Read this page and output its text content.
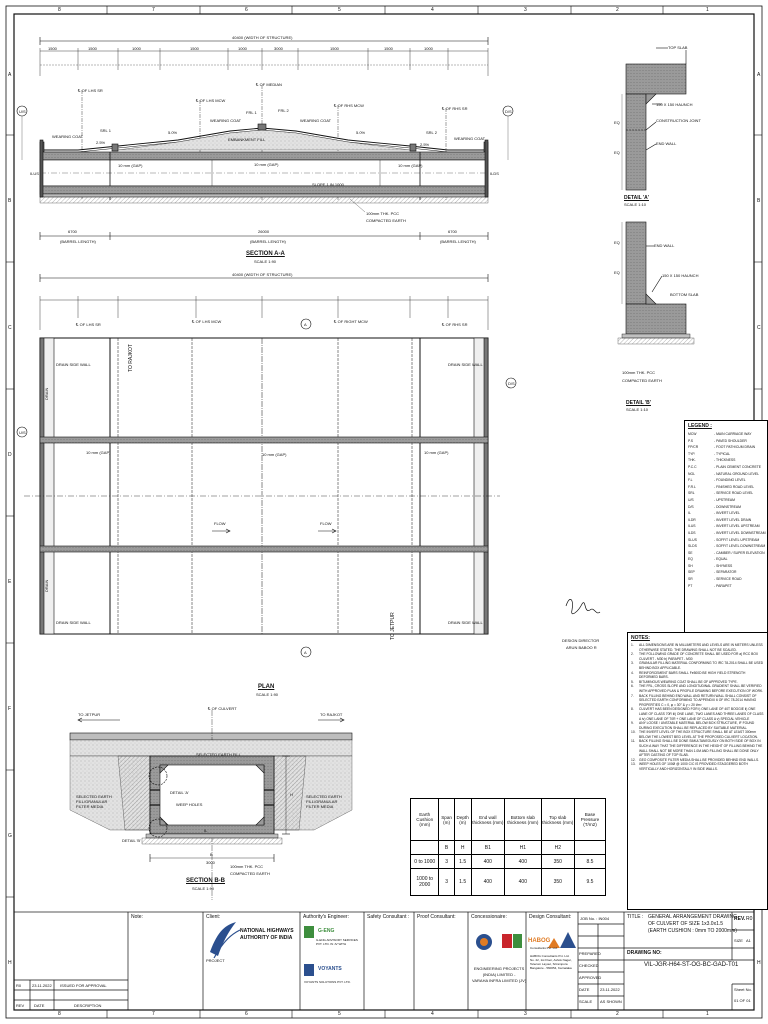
8	7	6	5	4	3	2	1
8	7	6	5	4	3	2	1
A
B
C
D
E
F
G
H
A
B
C
H
40400 (WIDTH OF STRUCTURE)
1500	1500	1000	1500	1000	3000	1500	1500	1000
℄ OF LHS SR
℄ OF MEDIAN
℄ OF LHS MCW
℄ OF RHS MCW
℄ OF RHS SR
FRL 1	FRL 2
WEARING COAT
WEARING COAT	WEARING COAT
WEARING COAT
SRL 1	SRL 2
2.5%	2.5%
5.0%	5.0%
EMBANKMENT FILL
10 mm (GAP)	10 mm (GAP)	10 mm (GAP)
SLOPE 1 IN 1000
100mm THK. PCC
COMPACTED EARTH
U/S	D/S
ILUS	ILDS
6700	26000	6700
(BARREL LENGTH)	(BARREL LENGTH)	(BARREL LENGTH)
SECTION A-A
SCALE 1:90
40400 (WIDTH OF STRUCTURE)
℄ OF LHS SR
℄ OF LHS MCW	℄ OF RIGHT MCW
℄ OF RHS SR
DRAIN SIDE WALL	DRAIN SIDE WALL
DRAIN SIDE WALL	DRAIN SIDE WALL
TO RAJKOT
TO JETPUR
10 mm (GAP)	10 mm (GAP)	10 mm (GAP)
FLOW	FLOW
U/S
D/S
A
A
DRAIN
DRAIN
PLAN
SCALE 1:90
TO JETPUR	TO RAJKOT
℄ OF CULVERT
SELECTED EARTH FILL
SELECTED EARTH
FILL/GRANULAR
FILTER MEDIA
SELECTED EARTH
FILL/GRANULAR
FILTER MEDIA
DETAIL 'A'
DETAIL 'B'
WEEP HOLES
100mm THK. PCC
COMPACTED EARTH
IL
B
H
3000
SECTION B-B
SCALE 1:90
TOP SLAB
150 X 150 HAUNCH
CONSTRUCTION JOINT
END WALL
EQ
EQ
DETAIL 'A'
SCALE 1:10
END WALL
150 X 150 HAUNCH
BOTTOM SLAB
100mm THK. PCC
COMPACTED EARTH
EQ
EQ
DETAIL 'B'
SCALE 1:10
DESIGN DIRECTOR
ARUN BABOO R
LEGEND :
MCW	- MAIN CARRIAGE WAY
P.S	- PAVED SHOULDER
FP/CR	- FOOT PATH/CUM DRAIN
TYP.	- TYPICAL
THK.	- THICKNESS
P.C.C	- PLAIN CEMENT CONCRETE
NGL	- NATURAL GROUND LEVEL
F.L	- FOUNDING LEVEL
F.R.L	- FINISHED ROAD LEVEL
SRL	- SERVICE ROAD LEVEL
U/S	- UPSTREAM
D/S	- DOWNSTREAM
IL	- INVERT LEVEL
ILDR	- INVERT LEVEL DRAIN
ILUS	- INVERT LEVEL UPSTREAM
ILDS	- INVERT LEVEL DOWNSTREAM
SLUS	- SOFFIT LEVEL UPSTREAM
SLDS	- SOFFIT LEVEL DOWNSTREAM
SE	- CAMBER / SUPER ELEVATION
EQ	- EQUAL
SH	- SHYNESS
SEP	- SEPARATOR
SR	- SERVICE ROAD
PT	- PARAPET
NOTES:
1.	ALL DIMENSIONS ARE IN MILLIMETERS AND LEVELS ARE IN METERS UNLESS OTHERWISE STATED. THE DRAWING SHALL NOT BE SCALED.
2.	THE FOLLOWING GRADE OF CONCRETE SHALL BE USED FOR a) RCC BOX CULVERT - M30 b) PARAPET - M30
3.	GRANULAR FILLING MATERIAL CONFORMING TO IRC 78-2014 SHALL BE USED BEHIND BOX APPLICABLE.
4.	REINFORCEMENT BARS SHALL Fe500D BE HIGH YIELD STRENGTH DEFORMED BARS.
5.	BITUMINOUS WEARING COAT SHALL BE OF APPROVED TYPE.
6.	THE FRL, CROSS SLOPE AND LONGITUDINAL GRADIENT SHALL BE VERIFIED WITH APPROVED PLAN & PROFILE DRAWING BEFORE EXECUTION OF WORK.
7.	BACK FILLING BEHIND END WALL AND RETURN WALL SHALL CONSIST OF SELECTED EARTH CONFORMING TO APPENDIX 6 OF IRC 78-2014 HAVING PROPERTIES C = 0, φ = 30° & γ = 20 t/m³
8.	CULVERT HAS BEEN DESIGNED FOR i) ONE LANE OF 40T BOGGIE ii) ONE LANE OF CLASS 70R iii) ONE LANE, TWO LANES AND THREE LANES OF CLASS A iv) ONE LANE OF 70R + ONE LANE OF CLASS A v) SPECIAL VEHICLE
9.	ANY LOOSE / UNSTABLE MATERIAL BELOW BOX STRUCTURE, IF FOUND DURING EXECUTION SHALL BE REPLACED BY SUITABLE MATERIAL.
10.	THE INVERT LEVEL OF THE BOX STRUCTURE SHALL BE AT LEAST 300mm BELOW THE LOWEST BED LEVEL AT THE PROPOSED CULVERT LOCATION.
11.	BACK FILLING SHALL BE DONE SIMULTANEOUSLY ON BOTH SIDE OF BOX IN SUCH A WAY THAT THE DIFFERENCE IN THE HEIGHT OF FILLING BEHIND THE WALL SHALL NOT BE MORE THAN 1.0M AND FILLING SHALL BE DONE ONLY AFTER CASTING OF TOP SLAB.
12.	GEO COMPOSITE FILTER MEDIA SHALL BE PROVIDED BEHIND END WALLS.
13.	WEEP HOLES OF 100Ø @ 1000 C/C IS PROVIDED STAGGERED BOTH VERTICALLY AND HORIZONTALLY IN SIDE WALLS.
Earth Cushion (mm)	Span (m)	Depth (m)	End wall thickness (mm)	Bottom slab thickness (mm)	Top slab thickness (mm)	Base Pressure (T/m2)
	B	H	B1	H1	H2	
0 to 1000	3	1.5	400	400	350	8.5
1000 to 2000	3	1.5	400	400	350	9.5
R0	23.11.2022 ISSUED FOR APPROVAL
REV DATE	DESCRIPTION
Note:	Client:
NATIONAL HIGHWAYS
AUTHORITY OF INDIA
PROJECT
Authority's Engineer:
G-ENG
G-ENG ADVISORY SERVICES
PVT. LTD. IN JV WITH
VOYANTS
VOYANTS SOLUTIONS PVT. LTD.
Safety Consultant : Proof Consultant:	Concessionaire:
ENGINEERING PROJECTS
(INDIA) LIMITED -
VARAHA INFRA LIMITED (JV)
Design Consultant:
HABOG
Consultants Pvt. Ltd.
HABOG Consultants Pvt. Ltd.
No. 22, 1st Floor, Ashok Nagar,
Telecom Layout, Srirampura
Bangalore - 560054, Karnataka
JOB No. : IN004
PREPARED
CHECKED
APPROVED
DATE
SCALE AS SHOWN
23.11.2022
TITLE : GENERAL ARRANGEMENT DRAWING
OF CULVERT OF SIZE 1x3.0x1.5
(EARTH CUSHION : 0mm TO 2000mm)
DRAWING NO:
VIL-JGR-H64-ST-OG-BC-GAD-T01
REV. R0
SIZE A1
Sheet No.
01 OF 01
